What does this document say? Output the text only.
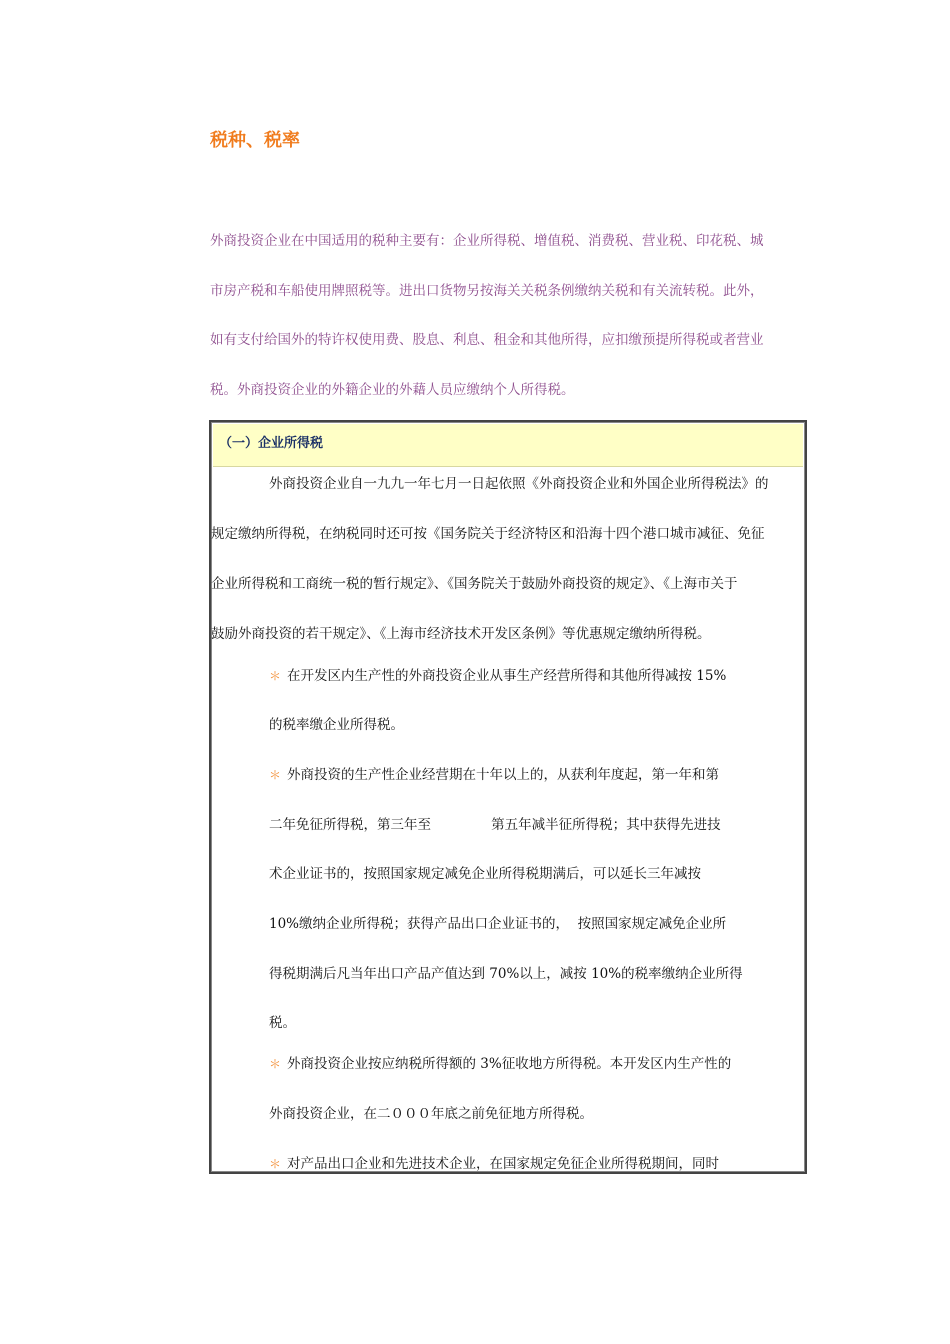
税种、税率
外商投资企业在中国适用的税种主要有：企业所得税、增值税、消费税、营业税、印花税、城
市房产税和车船使用牌照税等。进出口货物另按海关关税条例缴纳关税和有关流转税。此外，
如有支付给国外的特许权使用费、股息、利息、租金和其他所得，应扣缴预提所得税或者营业
税。外商投资企业的外籍企业的外藉人员应缴纳个人所得税。
（一）企业所得税
外商投资企业自一九九一年七月一日起依照《外商投资企业和外国企业所得税法》的
规定缴纳所得税，在纳税同时还可按《国务院关于经济特区和沿海十四个港口城市减征、免征
企业所得税和工商统一税的暂行规定》、《国务院关于鼓励外商投资的规定》、《上海市关于
鼓励外商投资的若干规定》、《上海市经济技术开发区条例》等优惠规定缴纳所得税。
＊ 在开发区内生产性的外商投资企业从事生产经营所得和其他所得减按 15%
的税率缴企业所得税。
＊ 外商投资的生产性企业经营期在十年以上的，从获利年度起，第一年和第
二年免征所得税，第三年至              第五年减半征所得税；其中获得先进技
术企业证书的，按照国家规定减免企业所得税期满后，可以延长三年减按
10%缴纳企业所得税；获得产品出口企业证书的，  按照国家规定减免企业所
得税期满后凡当年出口产品产值达到 70%以上，减按 10%的税率缴纳企业所得
税。
＊ 外商投资企业按应纳税所得额的 3%征收地方所得税。本开发区内生产性的
外商投资企业，在二０００年底之前免征地方所得税。
＊ 对产品出口企业和先进技术企业，在国家规定免征企业所得税期间，同时
